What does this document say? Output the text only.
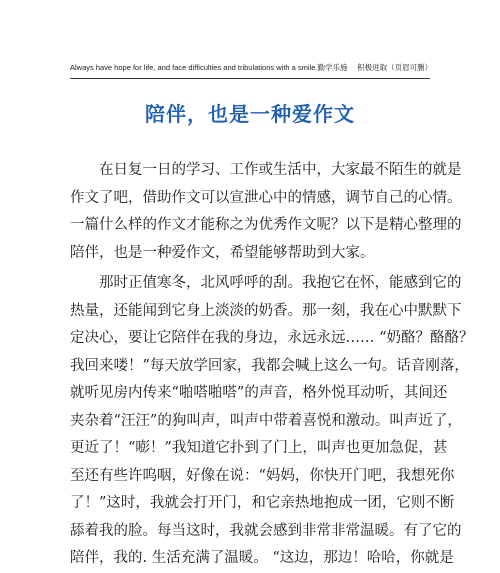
Always have hope for life, and face difficulties and tribulations with a smile.勤学乐施　 积极进取（页眉可删）
陪伴，也是一种爱作文
在日复一日的学习、工作或生活中，大家最不陌生的就是
作文了吧，借助作文可以宣泄心中的情感，调节自己的心情。
一篇什么样的作文才能称之为优秀作文呢？以下是精心整理的
陪伴，也是一种爱作文，希望能够帮助到大家。
那时正值寒冬，北风呼呼的刮。我抱它在怀，能感到它的
热量，还能闻到它身上淡淡的奶香。那一刻，我在心中默默下
定决心，要让它陪伴在我的身边，永远永远…… “奶酪？酪酪？
我回来喽！”每天放学回家，我都会喊上这么一句。话音刚落，
就听见房内传来“啪嗒啪嗒”的声音，格外悦耳动听，其间还
夹杂着“汪汪”的狗叫声，叫声中带着喜悦和激动。叫声近了，
更近了！“嘭！”我知道它扑到了门上，叫声也更加急促，甚
至还有些许呜咽，好像在说：“妈妈，你快开门吧，我想死你
了！”这时，我就会打开门，和它亲热地抱成一团，它则不断
舔着我的脸。每当这时，我就会感到非常非常温暖。有了它的
陪伴，我的. 生活充满了温暖。 “这边，那边！哈哈，你就是
